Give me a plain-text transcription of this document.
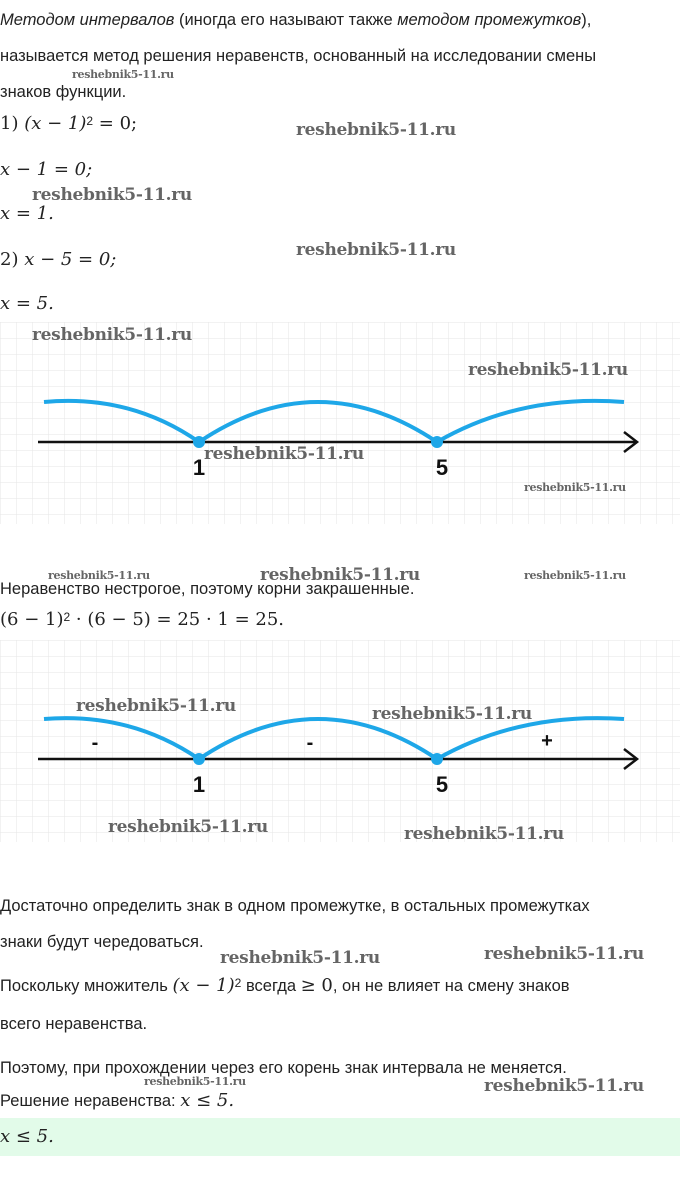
Методом интервалов (иногда его называют также методом промежутков),
называется метод решения неравенств, основанный на исследовании смены
знаков функции.
1) $(x - 1)^2 = 0$;
x − 1 = 0;
x = 1.
2) x − 5 = 0;
x = 5.
1	5
Неравенство нестрогое, поэтому корни закрашенные.
$(6 - 1)^2 \cdot (6 - 5) = 25 \cdot 1 = 25$.
-	-	+
1	5
Достаточно определить знак в одном промежутке, в остальных промежутках
знаки будут чередоваться.
Поскольку множитель $(x - 1)^2$ всегда ≥ 0, он не влияет на смену знаков
всего неравенства.
Поэтому, при прохождении через его корень знак интервала не меняется.
Решение неравенства: x ≤ 5.
x ≤ 5.
reshebnik5-11.ru
reshebnik5-11.ru
reshebnik5-11.ru
reshebnik5-11.ru
reshebnik5-11.ru
reshebnik5-11.ru
reshebnik5-11.ru
reshebnik5-11.ru
reshebnik5-11.ru	reshebnik5-11.ru	reshebnik5-11.ru
reshebnik5-11.ru	reshebnik5-11.ru
reshebnik5-11.ru	reshebnik5-11.ru
reshebnik5-11.ru	reshebnik5-11.ru
reshebnik5-11.ru	reshebnik5-11.ru
